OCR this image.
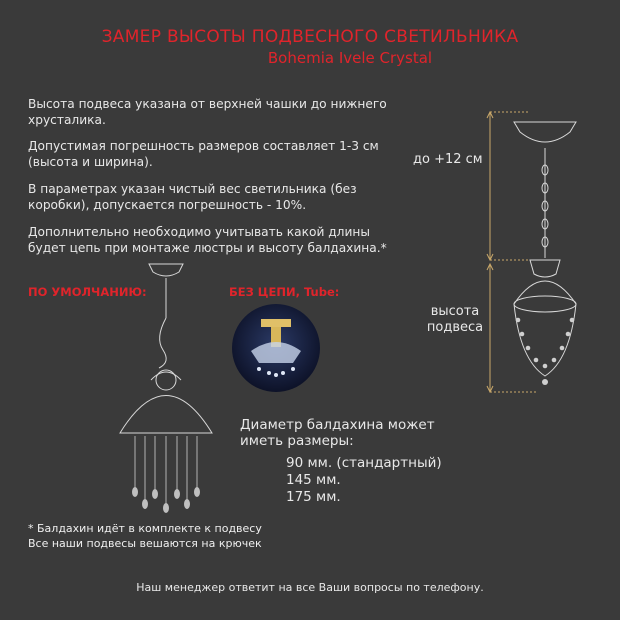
ЗАМЕР ВЫСОТЫ ПОДВЕСНОГО СВЕТИЛЬНИКА
Bohemia Ivele Crystal
Высота подвеса указана от верхней чашки до нижнего хрусталика.
Допустимая погрешность размеров составляет 1-3 см (высота и ширина).
В параметрах указан чистый вес светильника (без коробки), допускается погрешность - 10%.
Дополнительно необходимо учитывать какой длины будет цепь при монтаже люстры и высоту балдахина.*
ПО УМОЛЧАНИЮ:	БЕЗ ЦЕПИ, Tube:
до +12 см
высота
подвеса
Диаметр балдахина может
иметь размеры:
90 мм. (стандартный)
145 мм.
175 мм.
* Балдахин идёт в комплекте к подвесу
Все наши подвесы вешаются на крючек
Наш менеджер ответит на все Ваши вопросы по телефону.
